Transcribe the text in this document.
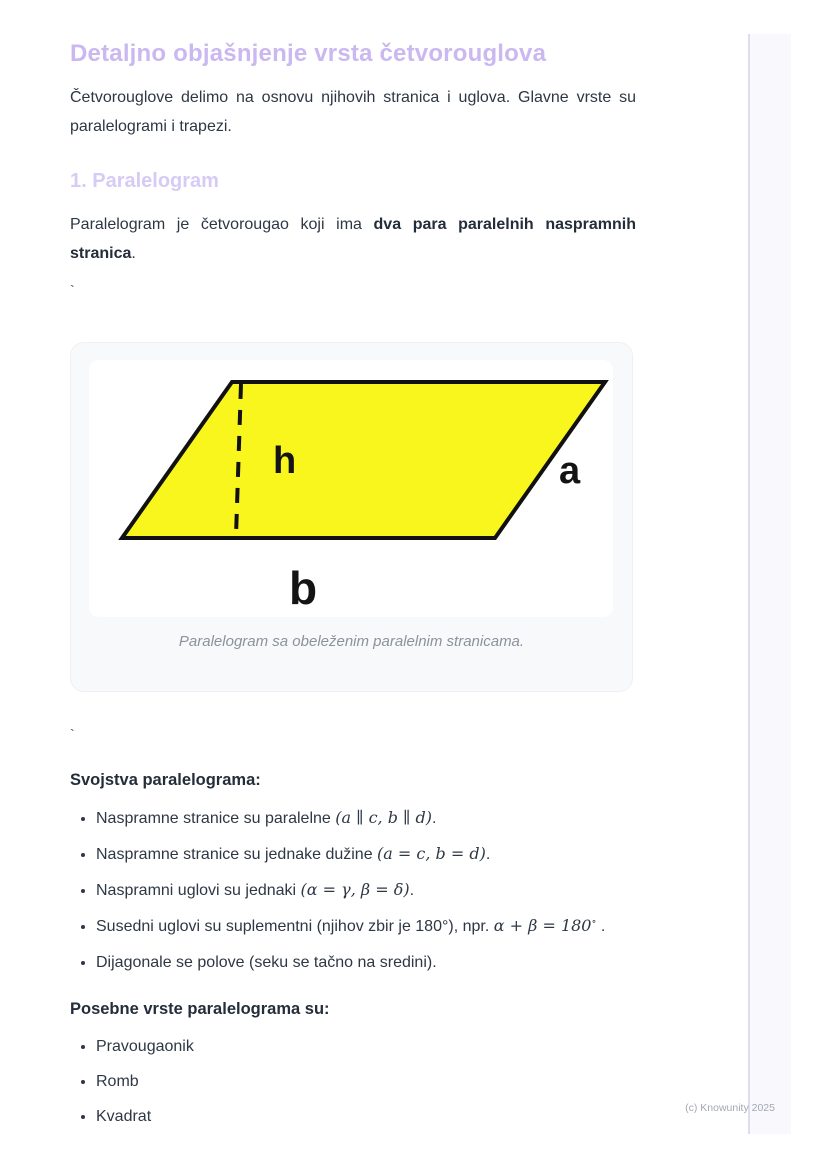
Detaljno objašnjenje vrsta četvorouglova

Četvorouglove delimo na osnovu njihovih stranica i uglova. Glavne vrste su paralelogrami i trapezi.

1. Paralelogram

Paralelogram je četvorougao koji ima dva para paralelnih naspramnih stranica.

`
h	a
b
Paralelogram sa obeleženim paralelnim stranicama.
`
Svojstva paralelograma:
• Naspramne stranice su paralelne (a ∥ c, b ∥ d).
• Naspramne stranice su jednake dužine (a = c, b = d).
• Naspramni uglovi su jednaki (α = γ, β = δ).
• Susedni uglovi su suplementni (njihov zbir je 180°), npr. α + β = 180∘ .
• Dijagonale se polove (seku se tačno na sredini).
Posebne vrste paralelograma su:
• Pravougaonik
• Romb
• Kvadrat	(c) Knowunity 2025
